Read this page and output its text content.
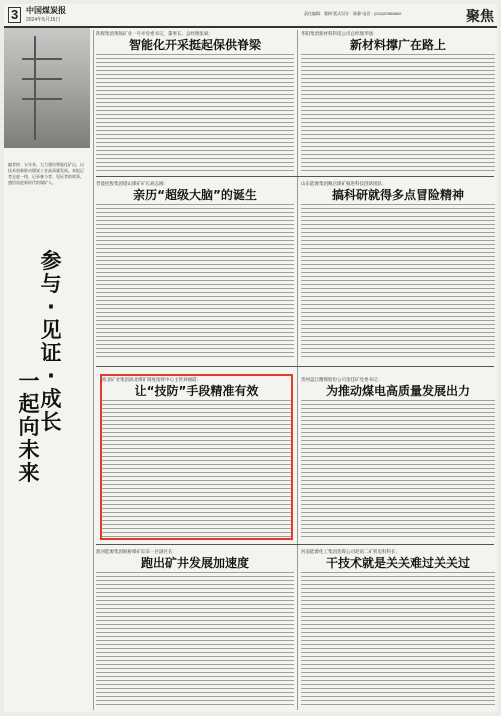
3 中国煤炭报
2024年5月15日
责任编辑：董树 版式设计：陈静 电话：(010)57885800	聚焦
编者按：五年来，大力建设智能化矿山，以技术创新推动煤炭工业高质量发展。本报记者走进一线，记录参与者、见证者的故事，感悟奋进新时代的煤矿人。
参与·见证·成长
一起向未来
陕煤集团黄陵矿业一号井党委书记、董事长、总经理张斌：
智能化开采挺起保供脊梁
华阳集团新材料科技公司总经理李强：
新材料撑广在路上
晋能控股集团塔山煤矿矿长胡志刚：
亲历“超级大脑”的诞生
山东能源集团鲍店煤矿掘进科技创新团队：
搞科研就得多点冒险精神
淮北矿业集团涡北煤矿调度指挥中心主管刘丽霞：
让“技防”手段精准有效
贵州盘江精煤股份公司金佳矿党委书记：
为推动煤电高质量发展出力
淮河能源集团顾桥煤矿综采一区副区长：
跑出矿井发展加速度
河南能源化工集团焦煤公司赵固二矿机电科科长：
干技术就是关关难过关关过
